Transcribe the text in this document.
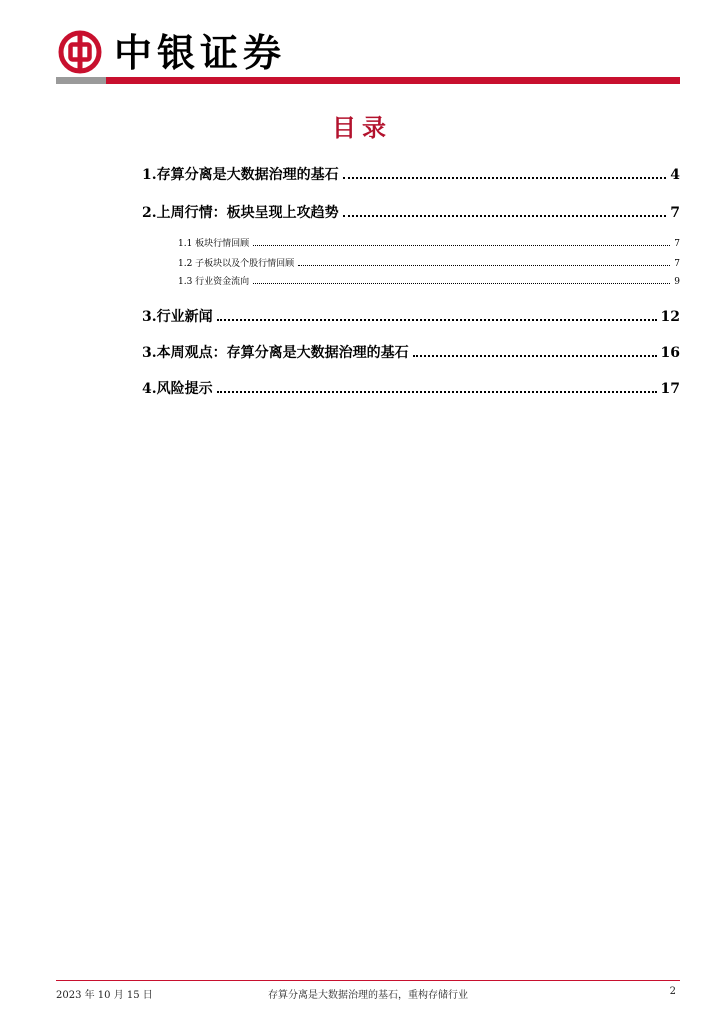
中银证券
目录
1.存算分离是大数据治理的基石	4
2.上周行情：板块呈现上攻趋势	7
1.1 板块行情回顾	7
1.2 子板块以及个股行情回顾	7
1.3 行业资金流向	9
3.行业新闻	12
3.本周观点：存算分离是大数据治理的基石	16
4.风险提示	17
2023 年 10 月 15 日	存算分离是大数据治理的基石，重构存储行业	2
